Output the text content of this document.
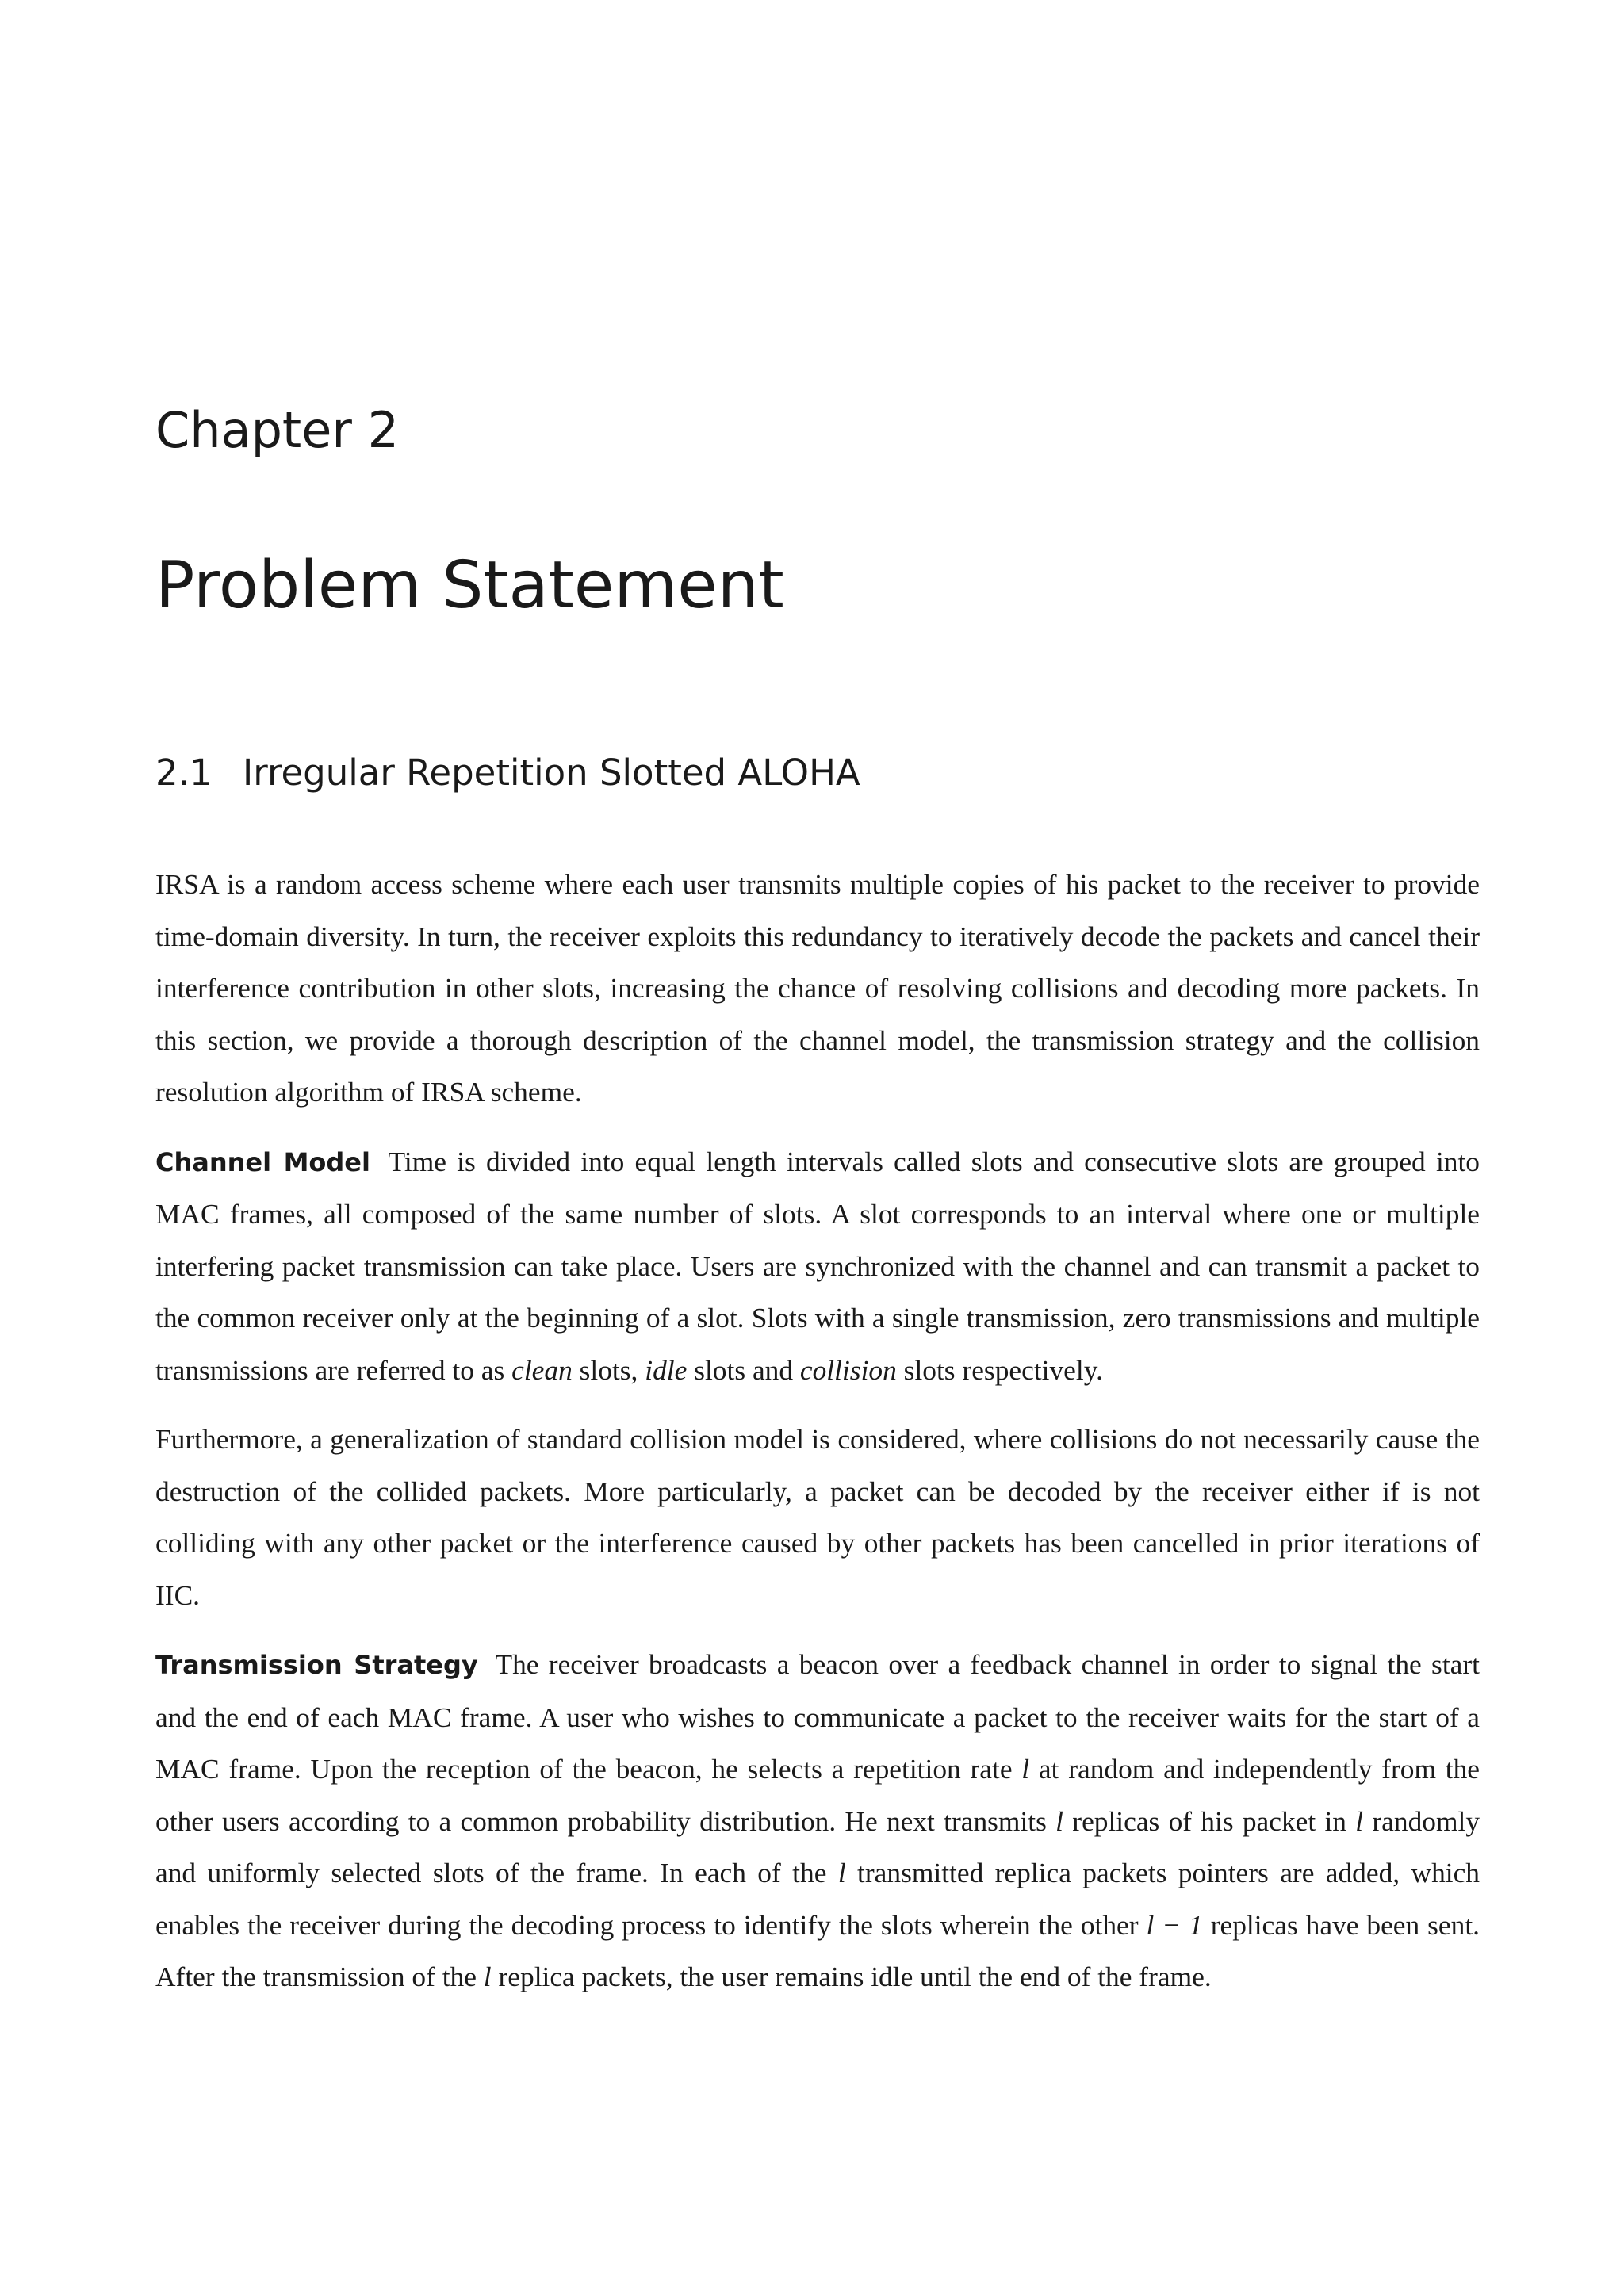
Chapter 2
Problem Statement
2.1 Irregular Repetition Slotted ALOHA

IRSA is a random access scheme where each user transmits multiple copies of his packet to the receiver to provide time-domain diversity. In turn, the receiver exploits this redundancy to iteratively decode the packets and cancel their interference contribution in other slots, increasing the chance of resolving collisions and decoding more packets. In this section, we provide a thorough description of the channel model, the transmission strategy and the collision resolution algorithm of IRSA scheme.

Channel Model Time is divided into equal length intervals called slots and consecutive slots are grouped into MAC frames, all composed of the same number of slots. A slot corresponds to an interval where one or multiple interfering packet transmission can take place. Users are synchronized with the channel and can transmit a packet to the common receiver only at the beginning of a slot. Slots with a single transmission, zero transmissions and multiple transmissions are referred to as clean slots, idle slots and collision slots respectively.

Furthermore, a generalization of standard collision model is considered, where collisions do not necessarily cause the destruction of the collided packets. More particularly, a packet can be decoded by the receiver either if is not colliding with any other packet or the interference caused by other packets has been cancelled in prior iterations of IIC.

Transmission Strategy The receiver broadcasts a beacon over a feedback channel in order to signal the start and the end of each MAC frame. A user who wishes to communicate a packet to the receiver waits for the start of a MAC frame. Upon the reception of the beacon, he selects a repetition rate l at random and independently from the other users according to a common probability distribution. He next transmits l replicas of his packet in l randomly and uniformly selected slots of the frame. In each of the l transmitted replica packets pointers are added, which enables the receiver during the decoding process to identify the slots wherein the other l − 1 replicas have been sent. After the transmission of the l replica packets, the user remains idle until the end of the frame.
